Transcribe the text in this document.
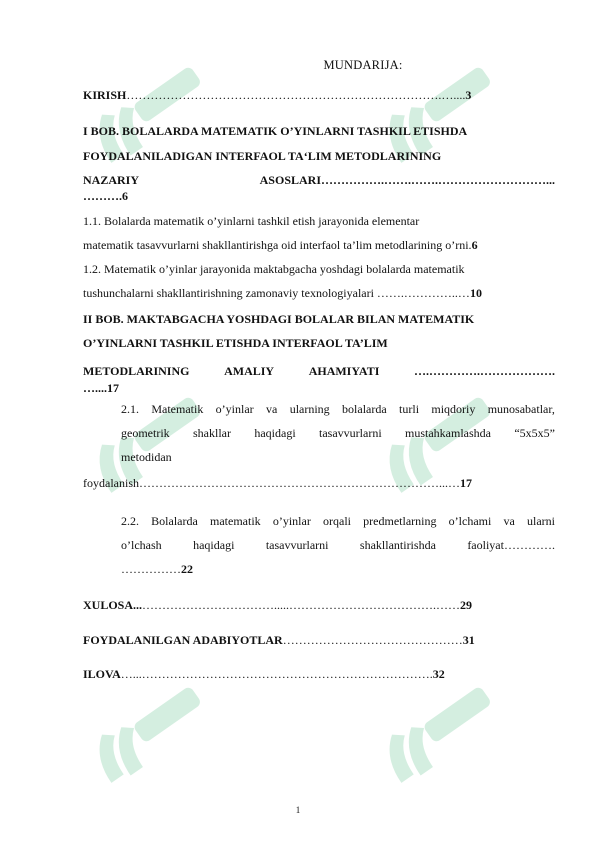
MUNDARIJA:
KIRISH…………………………………………………………………….…....3
I BOB. BOLALARDA MATEMATIK O’YINLARNI TASHKIL ETISHDA
FOYDALANILADIGAN INTERFAOL TA‘LIM METODLARINING
NAZARIY	ASOSLARI…………….…….…….………………………...
……….6
1.1. Bolalarda matematik o’yinlarni tashkil etish jarayonida elementar
matematik tasavvurlarni shakllantirishga oid interfaol ta’lim metodlarining o’rni.6
1.2. Matematik o’yinlar jarayonida maktabgacha yoshdagi bolalarda matematik
tushunchalarni shakllantirishning zamonaviy texnologiyalari …….…………..…10
II BOB. MAKTABGACHA YOSHDAGI BOLALAR BILAN MATEMATIK
O’YINLARNI TASHKIL ETISHDA INTERFAOL TA’LIM
METODLARINING	AMALIY	AHAMIYATI	….………….……………….
…....17
2.1. Matematik o’yinlar va ularning bolalarda turli miqdoriy munosabatlar,
geometrik shakllar haqidagi tasavvurlarni mustahkamlashda “5x5x5”
metodidan
foydalanish…………………………………………………………………...…17
2.2. Bolalarda matematik o’yinlar orqali predmetlarning o’lchami va ularni
o’lchash	haqidagi	tasavvurlarni	shakllantirishda	faoliyat………….
……………22
XULOSA...…………………………….....……………………………….……29
FOYDALANILGAN ADABIYOTLAR………………………………………31
ILOVA…...……………………………………………………………….32
1
